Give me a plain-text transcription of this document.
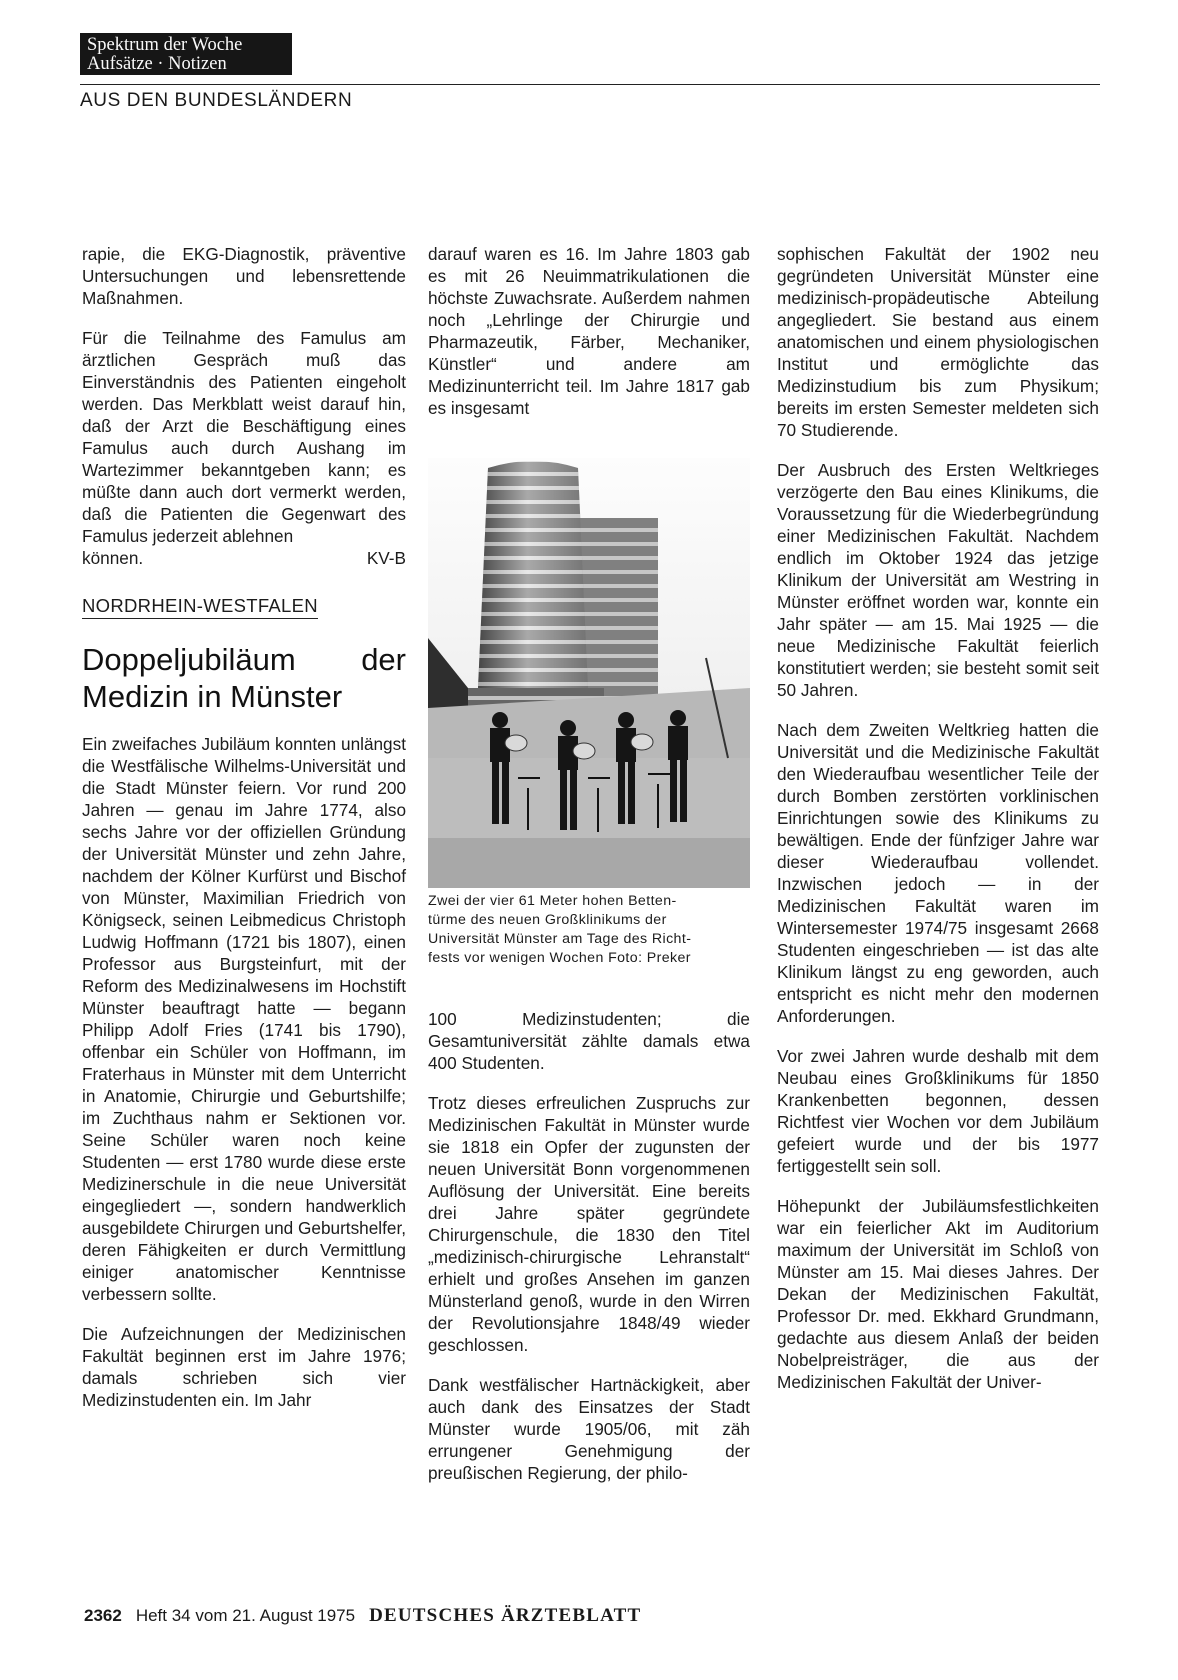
Spektrum der Woche
Aufsätze · Notizen
AUS DEN BUNDESLÄNDERN

rapie, die EKG-Diagnostik, präventive Untersuchungen und lebensrettende Maßnahmen.

Für die Teilnahme des Famulus am ärztlichen Gespräch muß das Einverständnis des Patienten eingeholt werden. Das Merkblatt weist darauf hin, daß der Arzt die Beschäftigung eines Famulus auch durch Aushang im Wartezimmer bekanntgeben kann; es müßte dann auch dort vermerkt werden, daß die Patienten die Gegenwart des Famulus jederzeit ablehnen

können.	KV-B
NORDRHEIN-WESTFALEN
Doppeljubiläum der Medizin in Münster

Ein zweifaches Jubiläum konnten unlängst die Westfälische Wilhelms-Universität und die Stadt Münster feiern. Vor rund 200 Jahren — genau im Jahre 1774, also sechs Jahre vor der offiziellen Gründung der Universität Münster und zehn Jahre, nachdem der Kölner Kurfürst und Bischof von Münster, Maximilian Friedrich von Königseck, seinen Leibmedicus Christoph Ludwig Hoffmann (1721 bis 1807), einen Professor aus Burgsteinfurt, mit der Reform des Medizinalwesens im Hochstift Münster beauftragt hatte — begann Philipp Adolf Fries (1741 bis 1790), offenbar ein Schüler von Hoffmann, im Fraterhaus in Münster mit dem Unterricht in Anatomie, Chirurgie und Geburtshilfe; im Zuchthaus nahm er Sektionen vor. Seine Schüler waren noch keine Studenten — erst 1780 wurde diese erste Medizinerschule in die neue Universität eingegliedert —, sondern handwerklich ausgebildete Chirurgen und Geburtshelfer, deren Fähigkeiten er durch Vermittlung einiger anatomischer Kenntnisse verbessern sollte.

Die Aufzeichnungen der Medizinischen Fakultät beginnen erst im Jahre 1976; damals schrieben sich vier Medizinstudenten ein. Im Jahr

darauf waren es 16. Im Jahre 1803 gab es mit 26 Neuimmatrikulationen die höchste Zuwachsrate. Außerdem nahmen noch „Lehrlinge der Chirurgie und Pharmazeutik, Färber, Mechaniker, Künstler“ und andere am Medizinunterricht teil. Im Jahre 1817 gab es insgesamt

Zwei der vier 61 Meter hohen Betten-
türme des neuen Großklinikums der
Universität Münster am Tage des Richt-
fests vor wenigen Wochen Foto: Preker

100 Medizinstudenten; die Gesamtuniversität zählte damals etwa 400 Studenten.

Trotz dieses erfreulichen Zuspruchs zur Medizinischen Fakultät in Münster wurde sie 1818 ein Opfer der zugunsten der neuen Universität Bonn vorgenommenen Auflösung der Universität. Eine bereits drei Jahre später gegründete Chirurgenschule, die 1830 den Titel „medizinisch-chirurgische Lehranstalt“ erhielt und großes Ansehen im ganzen Münsterland genoß, wurde in den Wirren der Revolutionsjahre 1848/49 wieder geschlossen.

Dank westfälischer Hartnäckigkeit, aber auch dank des Einsatzes der Stadt Münster wurde 1905/06, mit zäh errungener Genehmigung der preußischen Regierung, der philo-

sophischen Fakultät der 1902 neu gegründeten Universität Münster eine medizinisch-propädeutische Abteilung angegliedert. Sie bestand aus einem anatomischen und einem physiologischen Institut und ermöglichte das Medizinstudium bis zum Physikum; bereits im ersten Semester meldeten sich 70 Studierende.

Der Ausbruch des Ersten Weltkrieges verzögerte den Bau eines Klinikums, die Voraussetzung für die Wiederbegründung einer Medizinischen Fakultät. Nachdem endlich im Oktober 1924 das jetzige Klinikum der Universität am Westring in Münster eröffnet worden war, konnte ein Jahr später — am 15. Mai 1925 — die neue Medizinische Fakultät feierlich konstitutiert werden; sie besteht somit seit 50 Jahren.

Nach dem Zweiten Weltkrieg hatten die Universität und die Medizinische Fakultät den Wiederaufbau wesentlicher Teile der durch Bomben zerstörten vorklinischen Einrichtungen sowie des Klinikums zu bewältigen. Ende der fünfziger Jahre war dieser Wiederaufbau vollendet. Inzwischen jedoch — in der Medizinischen Fakultät waren im Wintersemester 1974/75 insgesamt 2668 Studenten eingeschrieben — ist das alte Klinikum längst zu eng geworden, auch entspricht es nicht mehr den modernen Anforderungen.

Vor zwei Jahren wurde deshalb mit dem Neubau eines Großklinikums für 1850 Krankenbetten begonnen, dessen Richtfest vier Wochen vor dem Jubiläum gefeiert wurde und der bis 1977 fertiggestellt sein soll.

Höhepunkt der Jubiläumsfestlichkeiten war ein feierlicher Akt im Auditorium maximum der Universität im Schloß von Münster am 15. Mai dieses Jahres. Der Dekan der Medizinischen Fakultät, Professor Dr. med. Ekkhard Grundmann, gedachte aus diesem Anlaß der beiden Nobelpreisträger, die aus der Medizinischen Fakultät der Univer-

2362 Heft 34 vom 21. August 1975 DEUTSCHES ÄRZTEBLATT
